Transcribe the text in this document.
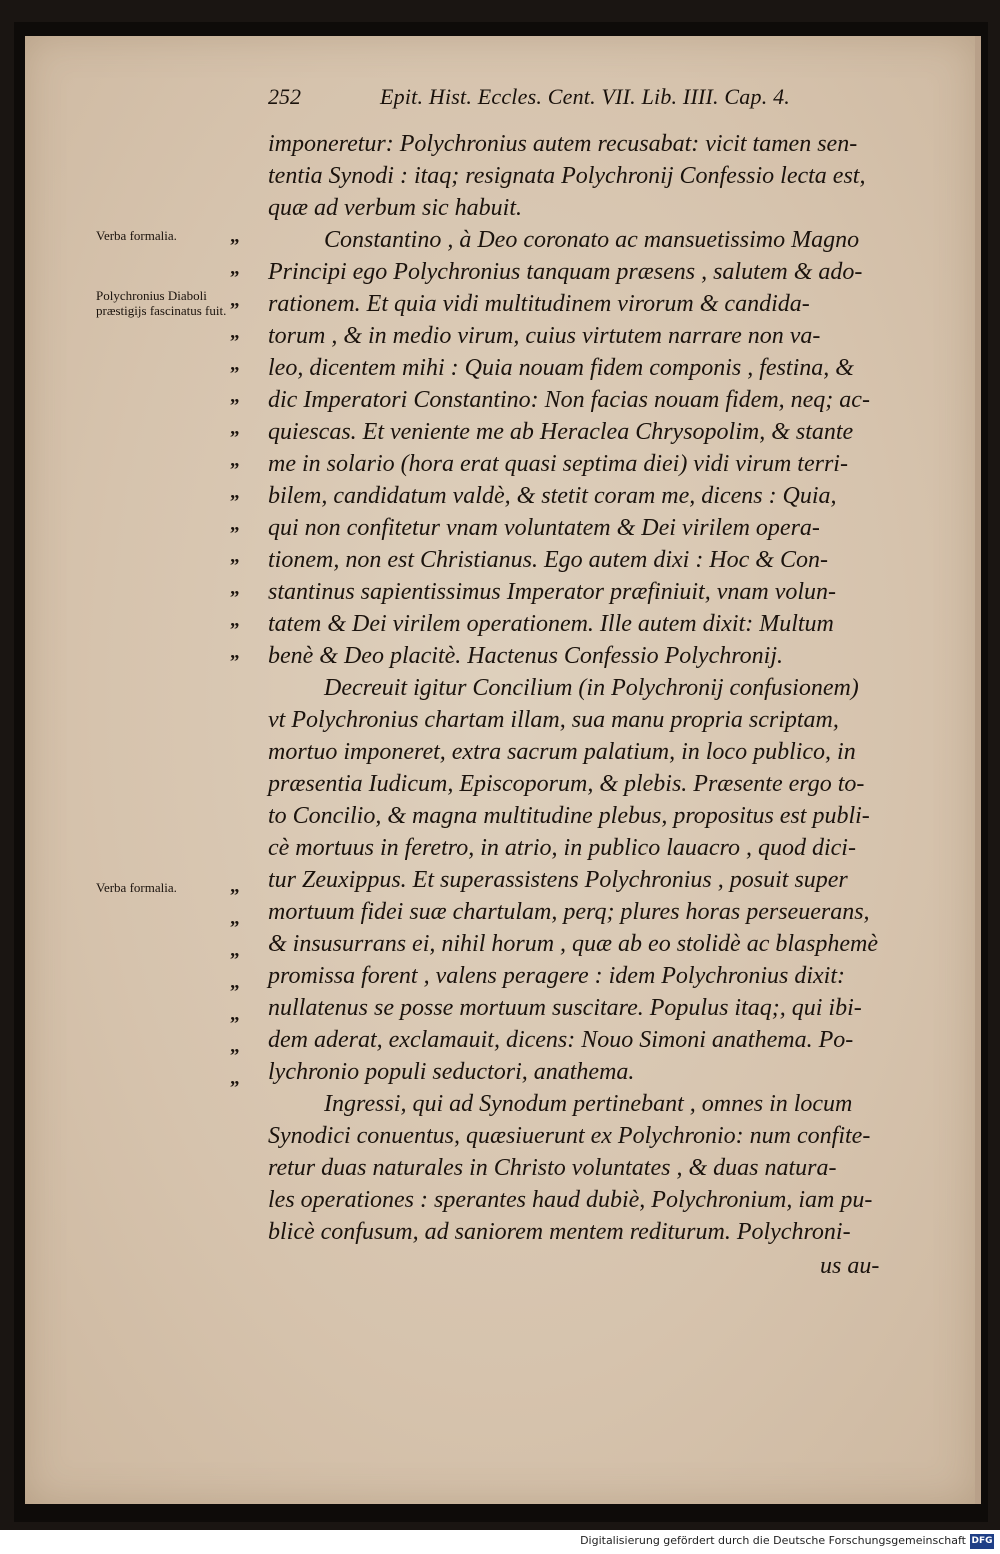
252	Epit. Hist. Eccles. Cent. VII. Lib. IIII. Cap. 4.
Verba formalia.
Polychronius Diaboli præstigijs fascinatus fuit.
Verba formalia.
„
„
„
„
„
„
„
„
„
„
„
„
„
„
„
„
„
„
„
„
„
imponeretur: Polychronius autem recusabat: vicit tamen sen-
tentia Synodi : itaq; resignata Polychronij Confessio lecta est,
quæ ad verbum sic habuit.
Constantino , à Deo coronato ac mansuetissimo Magno
Principi ego Polychronius tanquam præsens , salutem & ado-
rationem. Et quia vidi multitudinem virorum & candida-
torum , & in medio virum, cuius virtutem narrare non va-
leo, dicentem mihi : Quia nouam fidem componis , festina, &
dic Imperatori Constantino: Non facias nouam fidem, neq; ac-
quiescas. Et veniente me ab Heraclea Chrysopolim, & stante
me in solario (hora erat quasi septima diei) vidi virum terri-
bilem, candidatum valdè, & stetit coram me, dicens : Quia,
qui non confitetur vnam voluntatem & Dei virilem opera-
tionem, non est Christianus. Ego autem dixi : Hoc & Con-
stantinus sapientissimus Imperator præfiniuit, vnam volun-
tatem & Dei virilem operationem. Ille autem dixit: Multum
benè & Deo placitè. Hactenus Confessio Polychronij.
Decreuit igitur Concilium (in Polychronij confusionem)
vt Polychronius chartam illam, sua manu propria scriptam,
mortuo imponeret, extra sacrum palatium, in loco publico, in
præsentia Iudicum, Episcoporum, & plebis. Præsente ergo to-
to Concilio, & magna multitudine plebus, propositus est publi-
cè mortuus in feretro, in atrio, in publico lauacro , quod dici-
tur Zeuxippus. Et superassistens Polychronius , posuit super
mortuum fidei suæ chartulam, perq; plures horas perseuerans,
& insusurrans ei, nihil horum , quæ ab eo stolidè ac blasphemè
promissa forent , valens peragere : idem Polychronius dixit:
nullatenus se posse mortuum suscitare. Populus itaq;, qui ibi-
dem aderat, exclamauit, dicens: Nouo Simoni anathema. Po-
lychronio populi seductori, anathema.
Ingressi, qui ad Synodum pertinebant , omnes in locum
Synodici conuentus, quæsiuerunt ex Polychronio: num confite-
retur duas naturales in Christo voluntates , & duas natura-
les operationes : sperantes haud dubiè, Polychronium, iam pu-
blicè confusum, ad saniorem mentem rediturum. Polychroni-
us au-
Digitalisierung gefördert durch die Deutsche Forschungsgemeinschaft DFG
